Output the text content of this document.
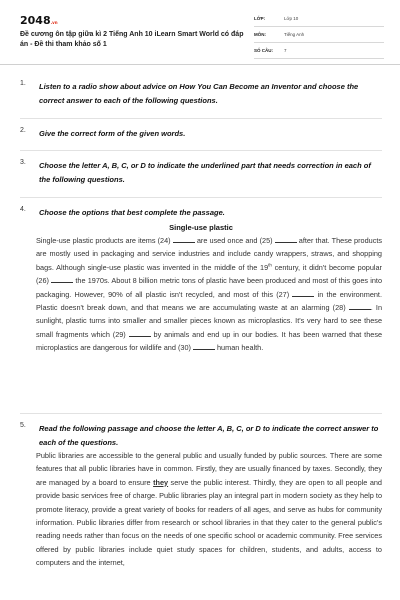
2048.vn
Đề cương ôn tập giữa kì 2 Tiếng Anh 10 iLearn Smart World có đáp án - Đề thi tham khảo số 1
LỚP:	Lớp 10
MÔN:	Tiếng Anh
SỐ CÂU: 7
1. Listen to a radio show about advice on How You Can Become an Inventor and choose the correct answer to each of the following questions.
2. Give the correct form of the given words.
3. Choose the letter A, B, C, or D to indicate the underlined part that needs correction in each of the following questions.
4. Choose the options that best complete the passage.
Single-use plastic

Single-use plastic products are items (24)	are used once and (25)	after that. These products are mostly used in packaging and service industries and include candy wrappers, straws, and shopping bags. Although single-use plastic was invented in the middle of the 19th century, it didn't become popular (26)	the 1970s. About 8 billion metric tons of plastic have been produced and most of this goes into packaging. However, 90% of all plastic isn't recycled, and most of this (27)	in the environment. Plastic doesn't break down, and that means we are accumulating waste at an alarming (28)	. In sunlight, plastic turns into smaller and smaller pieces known as microplastics. It's very hard to see these small fragments which (29)	by animals and end up in our bodies. It has been warned that these microplastics are dangerous for wildlife and (30)	human health.

5. Read the following passage and choose the letter A, B, C, or D to indicate the correct answer to each of the questions.

Public libraries are accessible to the general public and usually funded by public sources. There are some features that all public libraries have in common. Firstly, they are usually financed by taxes. Secondly, they are managed by a board to ensure they serve the public interest. Thirdly, they are open to all people and provide basic services free of charge. Public libraries play an integral part in modern society as they help to promote literacy, provide a great variety of books for readers of all ages, and serve as hubs for community information. Public libraries differ from research or school libraries in that they cater to the general public's reading needs rather than focus on the needs of one specific school or academic community. Free services offered by public libraries include quiet study spaces for children, students, and adults, access to computers and the internet,
